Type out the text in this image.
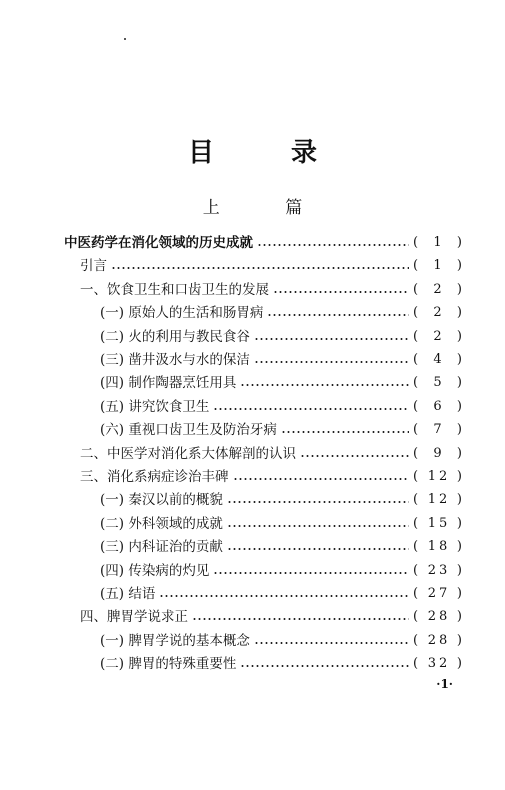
目 录
上 篇
中医药学在消化领域的历史成就	( 1 )
引言	( 1 )
一、饮食卫生和口齿卫生的发展	( 2 )
(一) 原始人的生活和肠胃病	( 2 )
(二) 火的利用与教民食谷	( 2 )
(三) 凿井汲水与水的保洁	( 4 )
(四) 制作陶器烹饪用具	( 5 )
(五) 讲究饮食卫生	( 6 )
(六) 重视口齿卫生及防治牙病	( 7 )
二、中医学对消化系大体解剖的认识	( 9 )
三、消化系病症诊治丰碑	( 12 )
(一) 秦汉以前的概貌	( 12 )
(二) 外科领域的成就	( 15 )
(三) 内科证治的贡献	( 18 )
(四) 传染病的灼见	( 23 )
(五) 结语	( 27 )
四、脾胃学说求正	( 28 )
(一) 脾胃学说的基本概念	( 28 )
(二) 脾胃的特殊重要性	( 32 )
·1·
